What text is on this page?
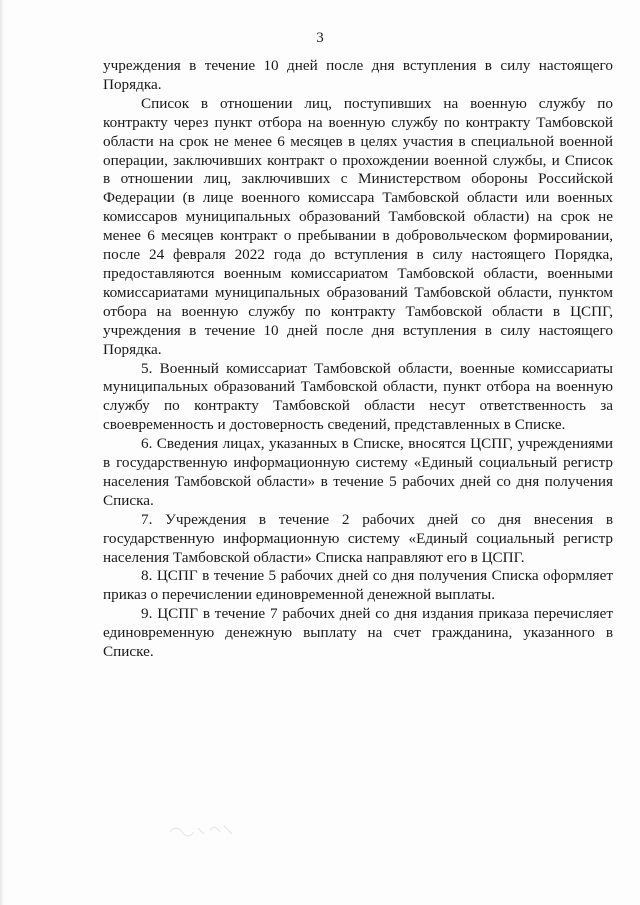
3

учреждения в течение 10 дней после дня вступления в силу настоящего Порядка.

Список в отношении лиц, поступивших на военную службу по контракту через пункт отбора на военную службу по контракту Тамбовской области на срок не менее 6 месяцев в целях участия в специальной военной операции, заключивших контракт о прохождении военной службы, и Список в отношении лиц, заключивших с Министерством обороны Российской Федерации (в лице военного комиссара Тамбовской области или военных комиссаров муниципальных образований Тамбовской области) на срок не менее 6 месяцев контракт о пребывании в добровольческом формировании, после 24 февраля 2022 года до вступления в силу настоящего Порядка, предоставляются военным комиссариатом Тамбовской области, военными комиссариатами муниципальных образований Тамбовской области, пунктом отбора на военную службу по контракту Тамбовской области в ЦСПГ, учреждения в течение 10 дней после дня вступления в силу настоящего Порядка.

5. Военный комиссариат Тамбовской области, военные комиссариаты муниципальных образований Тамбовской области, пункт отбора на военную службу по контракту Тамбовской области несут ответственность за своевременность и достоверность сведений, представленных в Списке.

6. Сведения лицах, указанных в Списке, вносятся ЦСПГ, учреждениями в государственную информационную систему «Единый социальный регистр населения Тамбовской области» в течение 5 рабочих дней со дня получения Списка.

7. Учреждения в течение 2 рабочих дней со дня внесения в государственную информационную систему «Единый социальный регистр населения Тамбовской области» Списка направляют его в ЦСПГ.

8. ЦСПГ в течение 5 рабочих дней со дня получения Списка оформляет приказ о перечислении единовременной денежной выплаты.

9. ЦСПГ в течение 7 рабочих дней со дня издания приказа перечисляет единовременную денежную выплату на счет гражданина, указанного в Списке.
